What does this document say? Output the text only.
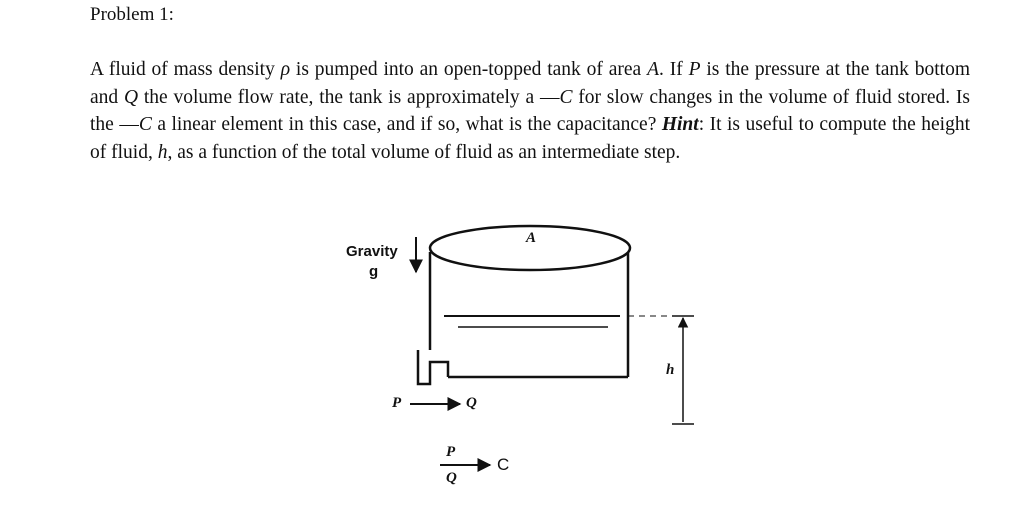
Problem 1:
A fluid of mass density ρ is pumped into an open-topped tank of area A. If P is the pressure at the tank bottom and Q the volume flow rate, the tank is approximately a —C for slow changes in the volume of fluid stored. Is the —C a linear element in this case, and if so, what is the capacitance? Hint: It is useful to compute the height of fluid, h, as a function of the total volume of fluid as an intermediate step.
Gravity
g
A
h
P	Q
P
Q
C
